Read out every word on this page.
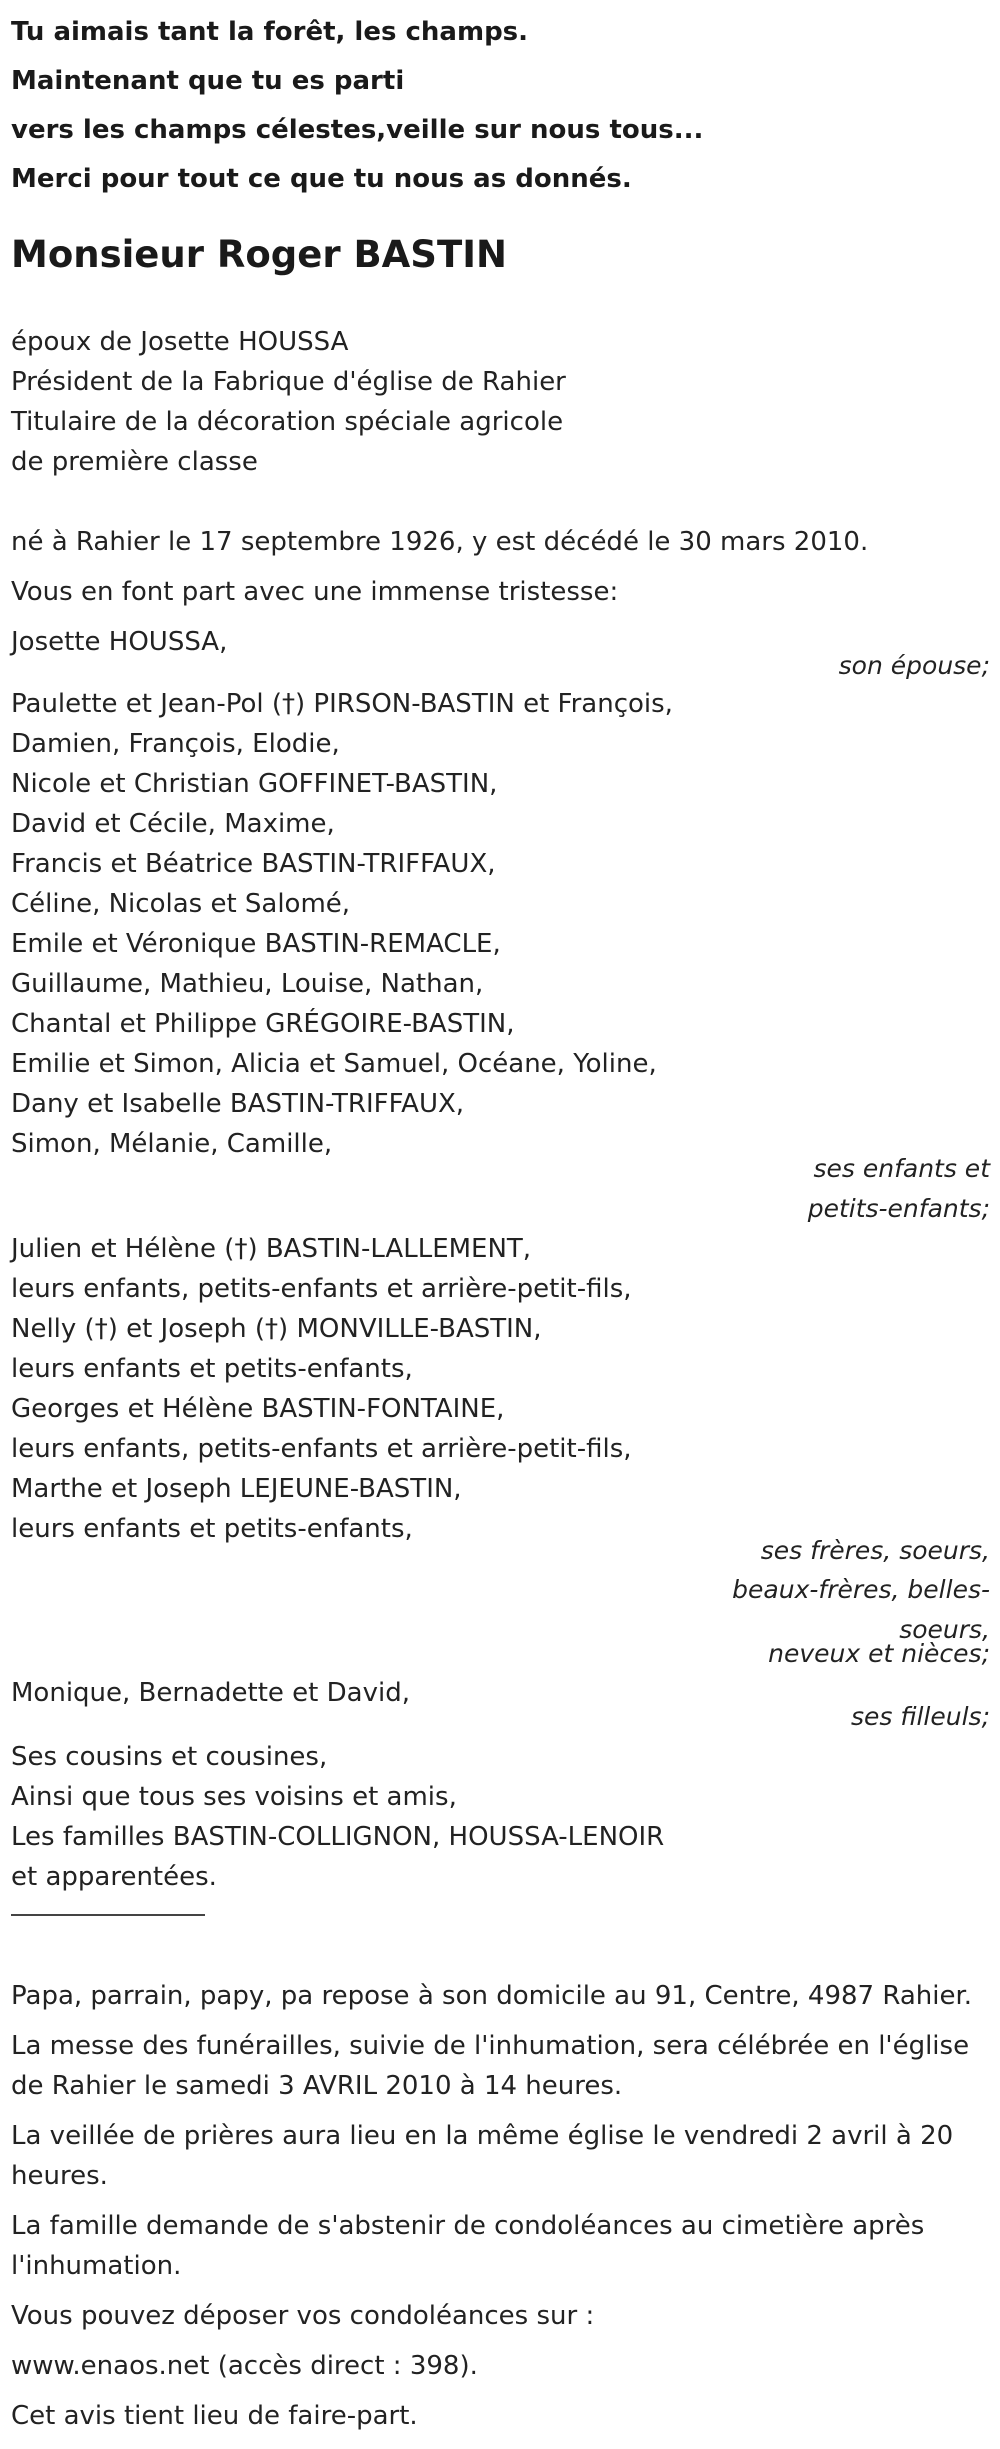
Tu aimais tant la forêt, les champs.
Maintenant que tu es parti
vers les champs célestes,veille sur nous tous...
Merci pour tout ce que tu nous as donnés.
Monsieur Roger BASTIN
époux de Josette HOUSSA
Président de la Fabrique d'église de Rahier
Titulaire de la décoration spéciale agricole
de première classe
né à Rahier le 17 septembre 1926, y est décédé le 30 mars 2010.
Vous en font part avec une immense tristesse:
Josette HOUSSA,
son épouse;
Paulette et Jean-Pol (†) PIRSON-BASTIN et François,
Damien, François, Elodie,
Nicole et Christian GOFFINET-BASTIN,
David et Cécile, Maxime,
Francis et Béatrice BASTIN-TRIFFAUX,
Céline, Nicolas et Salomé,
Emile et Véronique BASTIN-REMACLE,
Guillaume, Mathieu, Louise, Nathan,
Chantal et Philippe GRÉGOIRE-BASTIN,
Emilie et Simon, Alicia et Samuel, Océane, Yoline,
Dany et Isabelle BASTIN-TRIFFAUX,
Simon, Mélanie, Camille,
ses enfants et
petits-enfants;
Julien et Hélène (†) BASTIN-LALLEMENT,
leurs enfants, petits-enfants et arrière-petit-fils,
Nelly (†) et Joseph (†) MONVILLE-BASTIN,
leurs enfants et petits-enfants,
Georges et Hélène BASTIN-FONTAINE,
leurs enfants, petits-enfants et arrière-petit-fils,
Marthe et Joseph LEJEUNE-BASTIN,
leurs enfants et petits-enfants,
ses frères, soeurs,
beaux-frères, belles-
soeurs,
neveux et nièces;
Monique, Bernadette et David,
ses filleuls;
Ses cousins et cousines,
Ainsi que tous ses voisins et amis,
Les familles BASTIN-COLLIGNON, HOUSSA-LENOIR
et apparentées.
Papa, parrain, papy, pa repose à son domicile au 91, Centre, 4987 Rahier.
La messe des funérailles, suivie de l'inhumation, sera célébrée en l'église de Rahier le samedi 3 AVRIL 2010 à 14 heures.
La veillée de prières aura lieu en la même église le vendredi 2 avril à 20 heures.
La famille demande de s'abstenir de condoléances au cimetière après l'inhumation.
Vous pouvez déposer vos condoléances sur :
www.enaos.net (accès direct : 398).
Cet avis tient lieu de faire-part.
